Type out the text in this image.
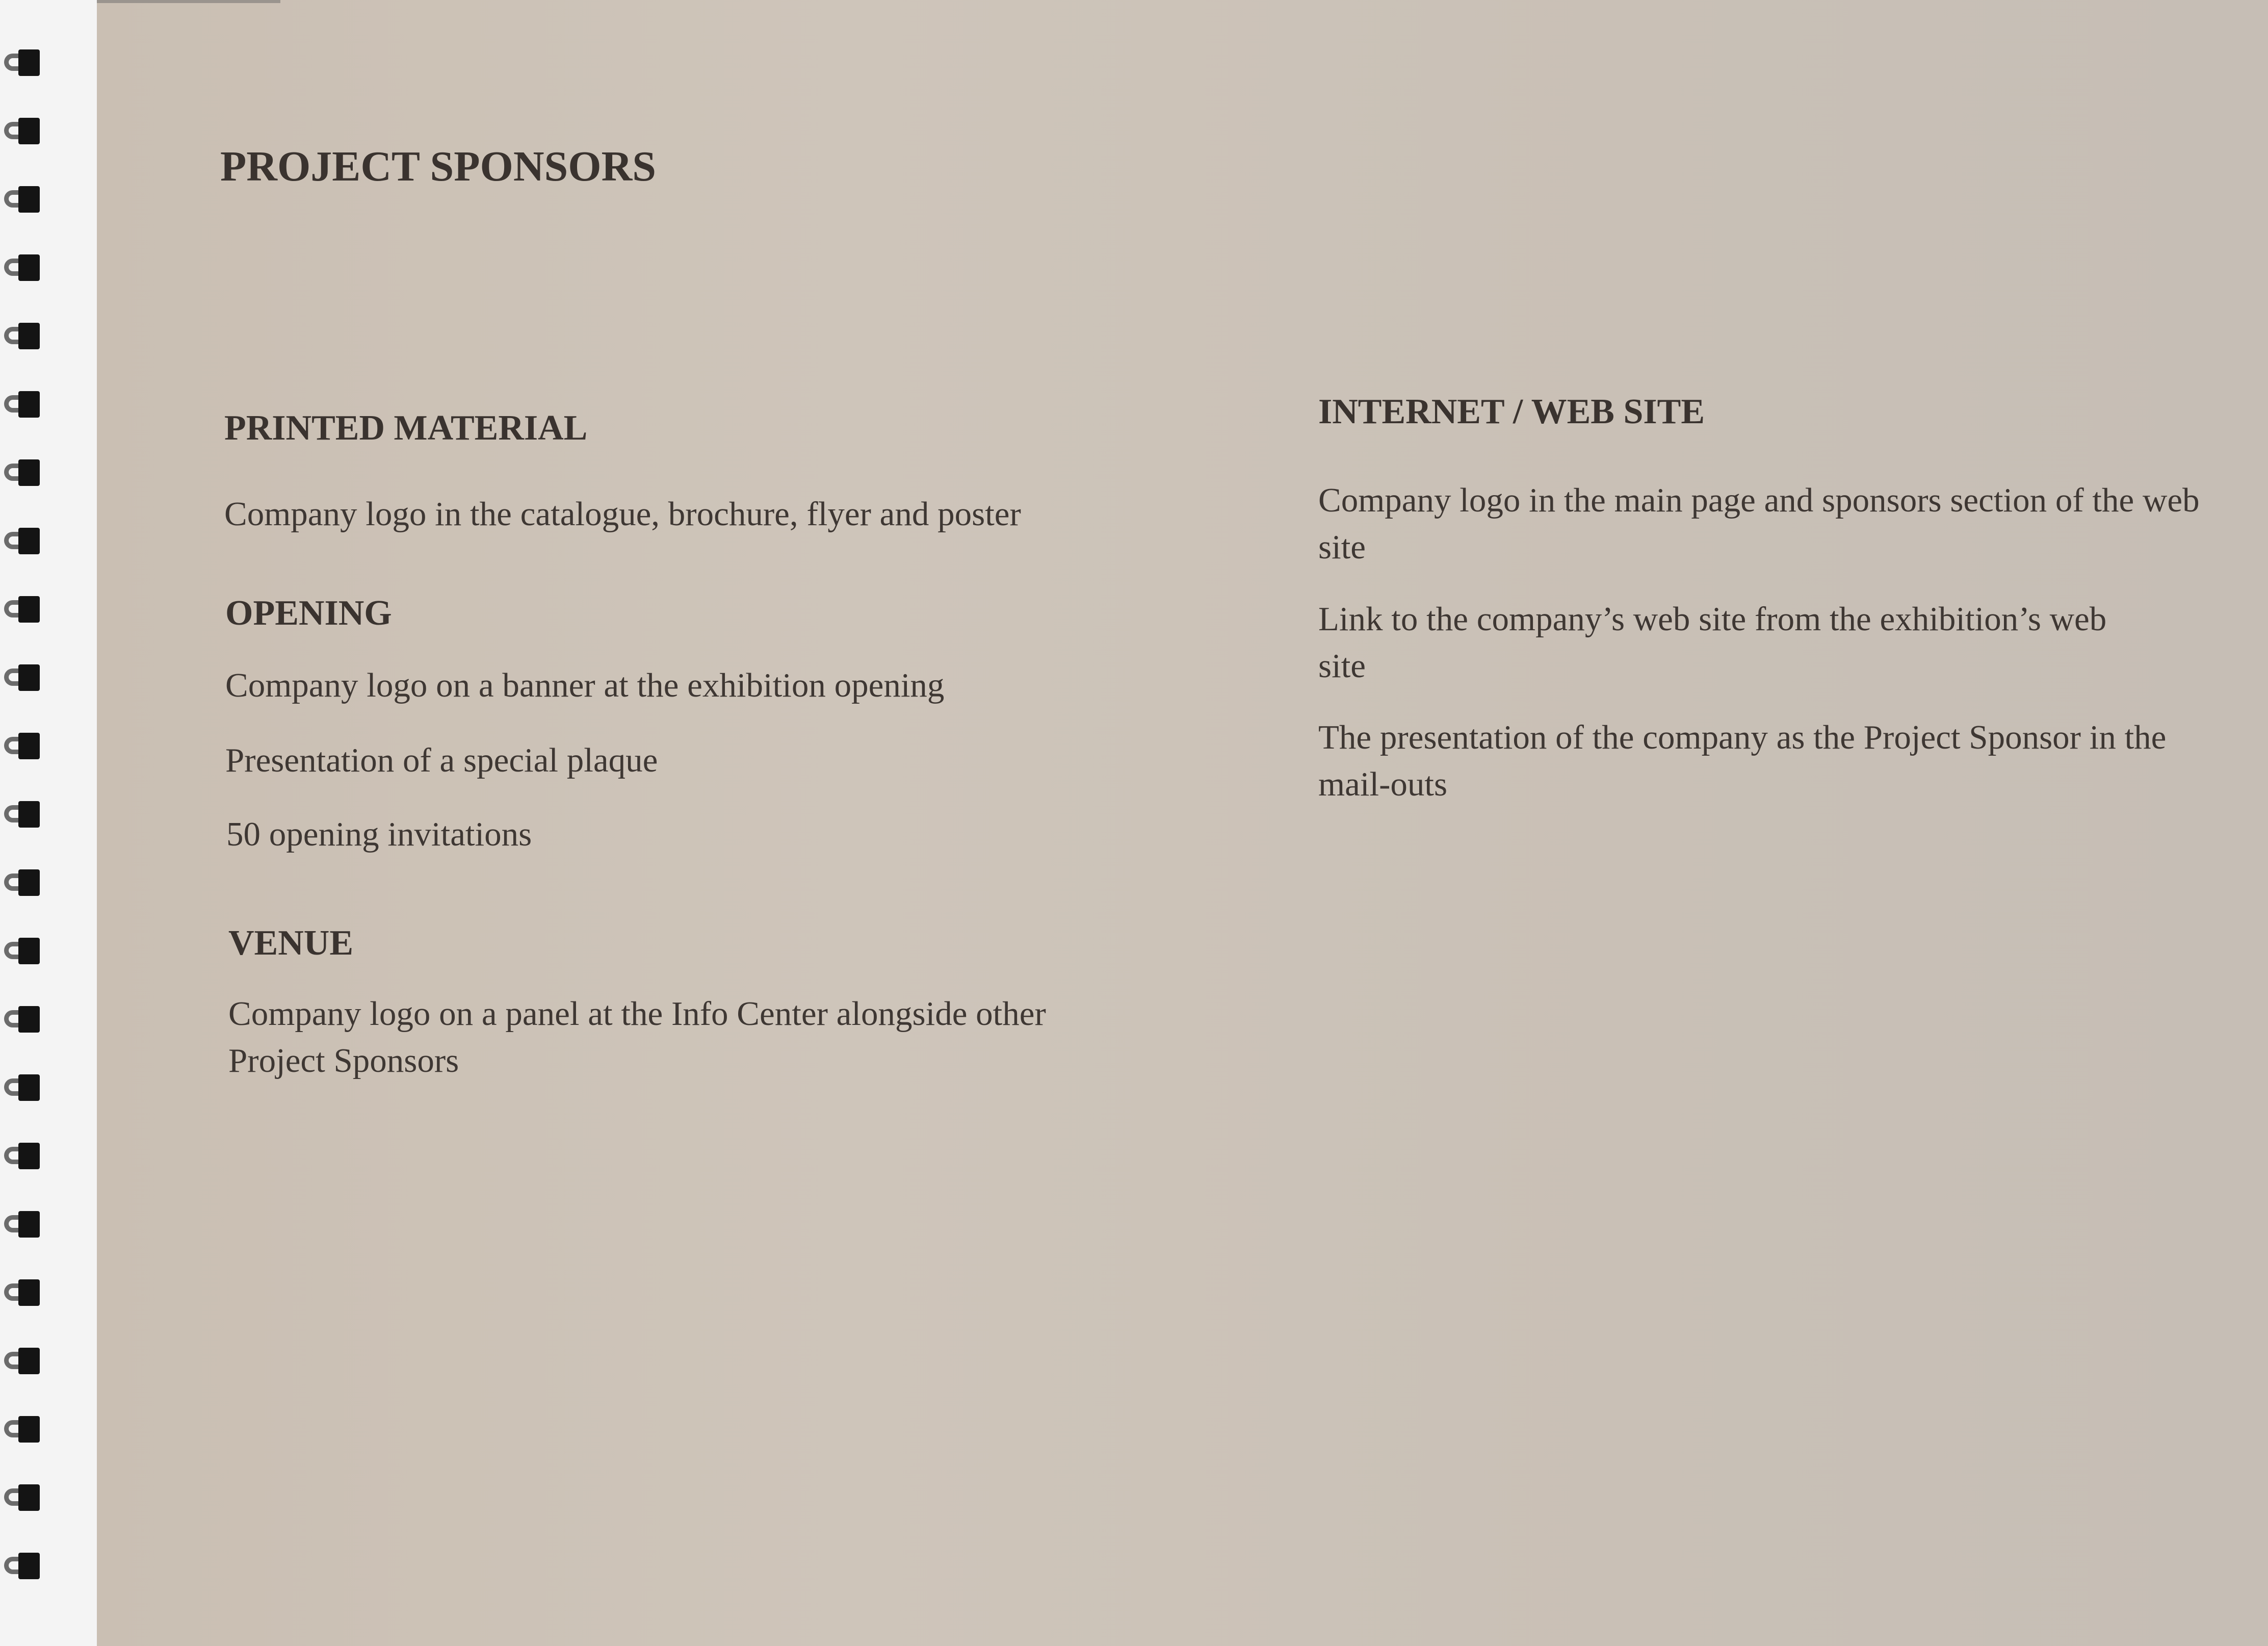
PROJECT SPONSORS
PRINTED MATERIAL
Company logo in the catalogue, brochure, flyer and poster
OPENING
Company logo on a banner at the exhibition opening
Presentation of a special plaque
50 opening invitations
VENUE
Company logo on a panel at the Info Center alongside other Project Sponsors
INTERNET / WEB SITE
Company logo in the main page and sponsors section of the web site
Link to the company’s web site from the exhibition’s web site
The presentation of the company as the Project Sponsor in the mail-outs
